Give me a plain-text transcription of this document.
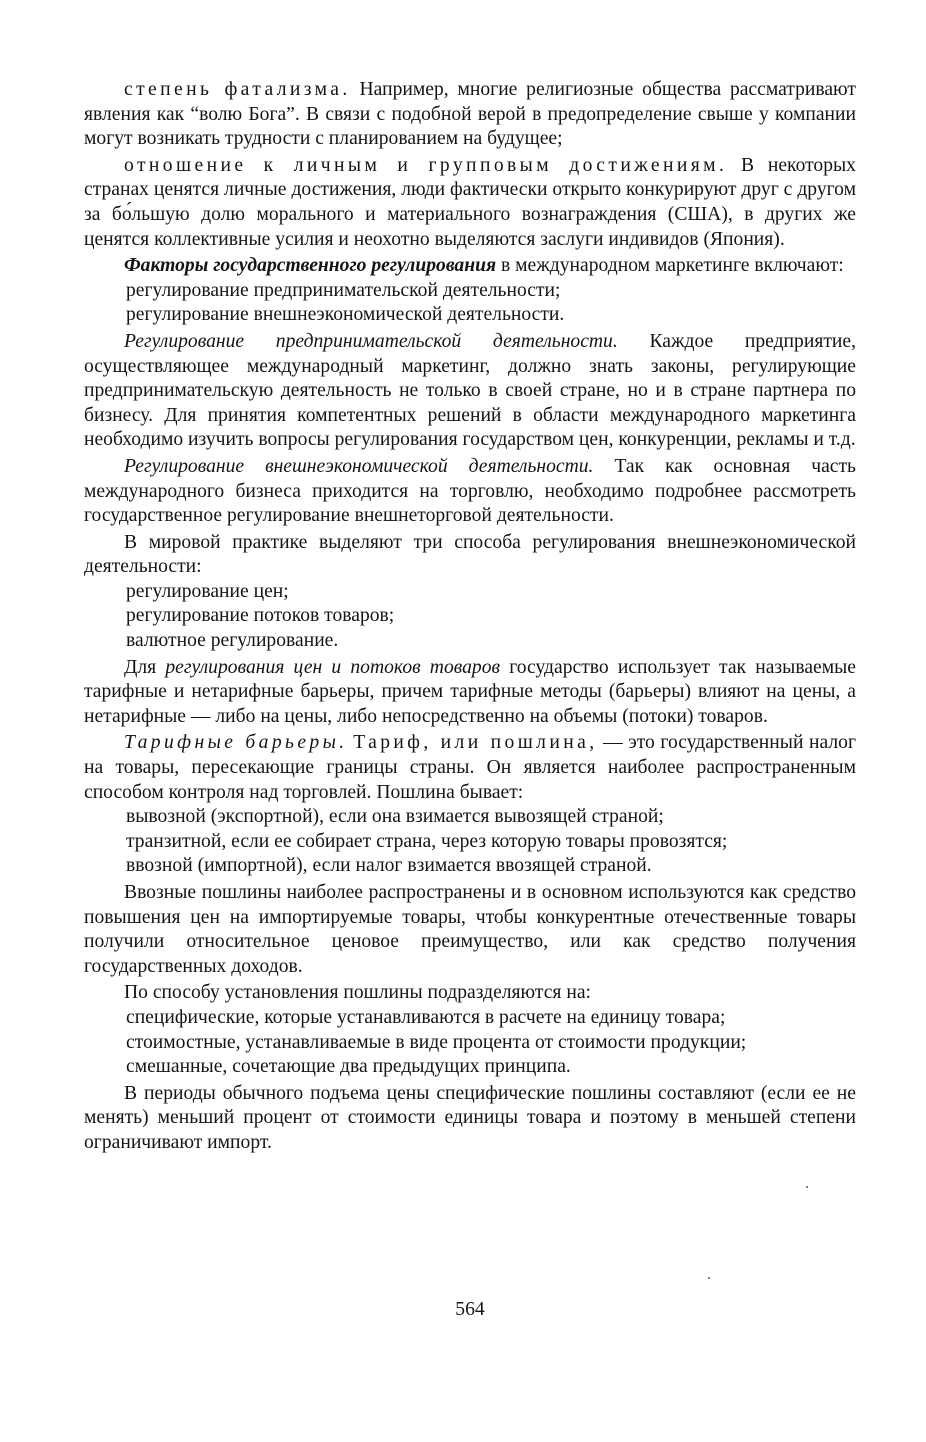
степень фатализма. Например, многие религиозные общества рассматривают явления как “волю Бога”. В связи с подобной верой в предопределение свыше у компании могут возникать трудности с планированием на будущее;

отношение к личным и групповым достижениям. В некоторых странах ценятся личные достижения, люди фактически открыто конкурируют друг с другом за бо́льшую долю морального и материального вознаграждения (США), в других же ценятся коллективные усилия и неохотно выделяются заслуги индивидов (Япония).

Факторы государственного регулирования в международном маркетинге включают:

регулирование предпринимательской деятельности;

регулирование внешнеэкономической деятельности.

Регулирование предпринимательской деятельности. Каждое предприятие, осуществляющее международный маркетинг, должно знать законы, регулирующие предпринимательскую деятельность не только в своей стране, но и в стране партнера по бизнесу. Для принятия компетентных решений в области международного маркетинга необходимо изучить вопросы регулирования государством цен, конкуренции, рекламы и т.д.

Регулирование внешнеэкономической деятельности. Так как основная часть международного бизнеса приходится на торговлю, необходимо подробнее рассмотреть государственное регулирование внешнеторговой деятельности.

В мировой практике выделяют три способа регулирования внешнеэкономической деятельности:

регулирование цен;

регулирование потоков товаров;

валютное регулирование.

Для регулирования цен и потоков товаров государство использует так называемые тарифные и нетарифные барьеры, причем тарифные методы (барьеры) влияют на цены, а нетарифные — либо на цены, либо непосредственно на объемы (потоки) товаров.

Тарифные барьеры. Тариф, или пошлина, — это государственный налог на товары, пересекающие границы страны. Он является наиболее распространенным способом контроля над торговлей. Пошлина бывает:

вывозной (экспортной), если она взимается вывозящей страной;

транзитной, если ее собирает страна, через которую товары провозятся;

ввозной (импортной), если налог взимается ввозящей страной.

Ввозные пошлины наиболее распространены и в основном используются как средство повышения цен на импортируемые товары, чтобы конкурентные отечественные товары получили относительное ценовое преимущество, или как средство получения государственных доходов.

По способу установления пошлины подразделяются на:

специфические, которые устанавливаются в расчете на единицу товара;

стоимостные, устанавливаемые в виде процента от стоимости продукции;

смешанные, сочетающие два предыдущих принципа.

В периоды обычного подъема цены специфические пошлины составляют (если ее не менять) меньший процент от стоимости единицы товара и поэтому в меньшей степени ограничивают импорт.

564
